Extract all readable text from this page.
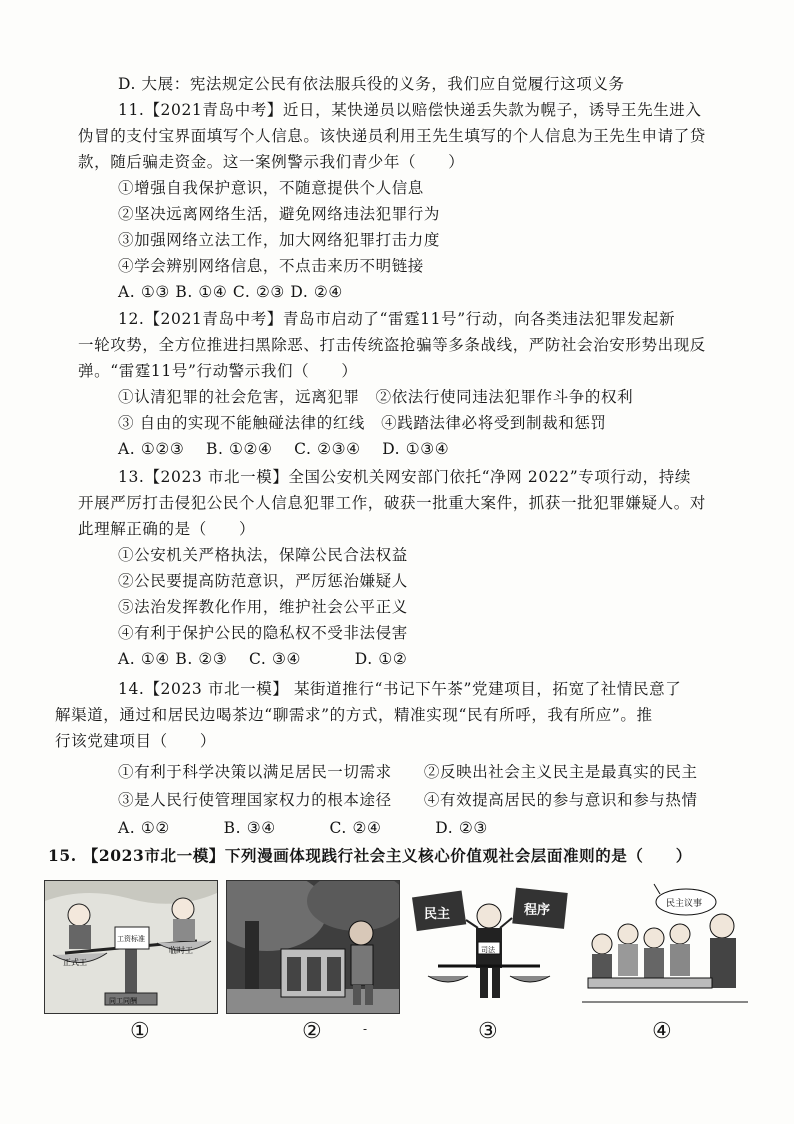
D. 大展：宪法规定公民有依法服兵役的义务，我们应自觉履行这项义务
11.【2021青岛中考】近日，某快递员以赔偿快递丢失款为幌子，诱导王先生进入
伪冒的支付宝界面填写个人信息。该快递员利用王先生填写的个人信息为王先生申请了贷
款，随后骗走资金。这一案例警示我们青少年（　　）
①增强自我保护意识，不随意提供个人信息
②坚决远离网络生活，避免网络违法犯罪行为
③加强网络立法工作，加大网络犯罪打击力度
④学会辨别网络信息，不点击来历不明链接
A. ①③ B. ①④ C. ②③ D. ②④
12.【2021青岛中考】青岛市启动了“雷霆11号”行动，向各类违法犯罪发起新
一轮攻势，全方位推进扫黑除恶、打击传统盗抢骗等多条战线，严防社会治安形势出现反
弹。“雷霆11号”行动警示我们（　　）
①认清犯罪的社会危害，远离犯罪　②依法行使同违法犯罪作斗争的权利
③ 自由的实现不能触碰法律的红线　④践踏法律必将受到制裁和惩罚
A. ①②③　 B. ①②④　 C. ②③④　 D. ①③④
13.【2023 市北一模】全国公安机关网安部门依托“净网 2022”专项行动，持续
开展严厉打击侵犯公民个人信息犯罪工作，破获一批重大案件，抓获一批犯罪嫌疑人。对
此理解正确的是（　　）
①公安机关严格执法，保障公民合法权益
②公民要提高防范意识，严厉惩治嫌疑人
⑤法治发挥教化作用，维护社会公平正义
④有利于保护公民的隐私权不受非法侵害
A. ①④ B. ②③　 C. ③④　　　 D. ①②
14.【2023 市北一模】 某街道推行“书记下午茶”党建项目，拓宽了社情民意了
解渠道，通过和居民边喝茶边“聊需求”的方式，精准实现“民有所呼，我有所应”。推
行该党建项目（　　）
①有利于科学决策以满足居民一切需求　　②反映出社会主义民主是最真实的民主
③是人民行使管理国家权力的根本途径　　④有效提高居民的参与意识和参与热情
A. ①②　　　 B. ③④　　　 C. ②④　　　 D. ②③
15. 【2023市北一模】下列漫画体现践行社会主义核心价值观社会层面准则的是（　　）
正式工
临时工
工资标准
同工同酬
民主	程序
司法
民主议事
①	②	-	③	④
